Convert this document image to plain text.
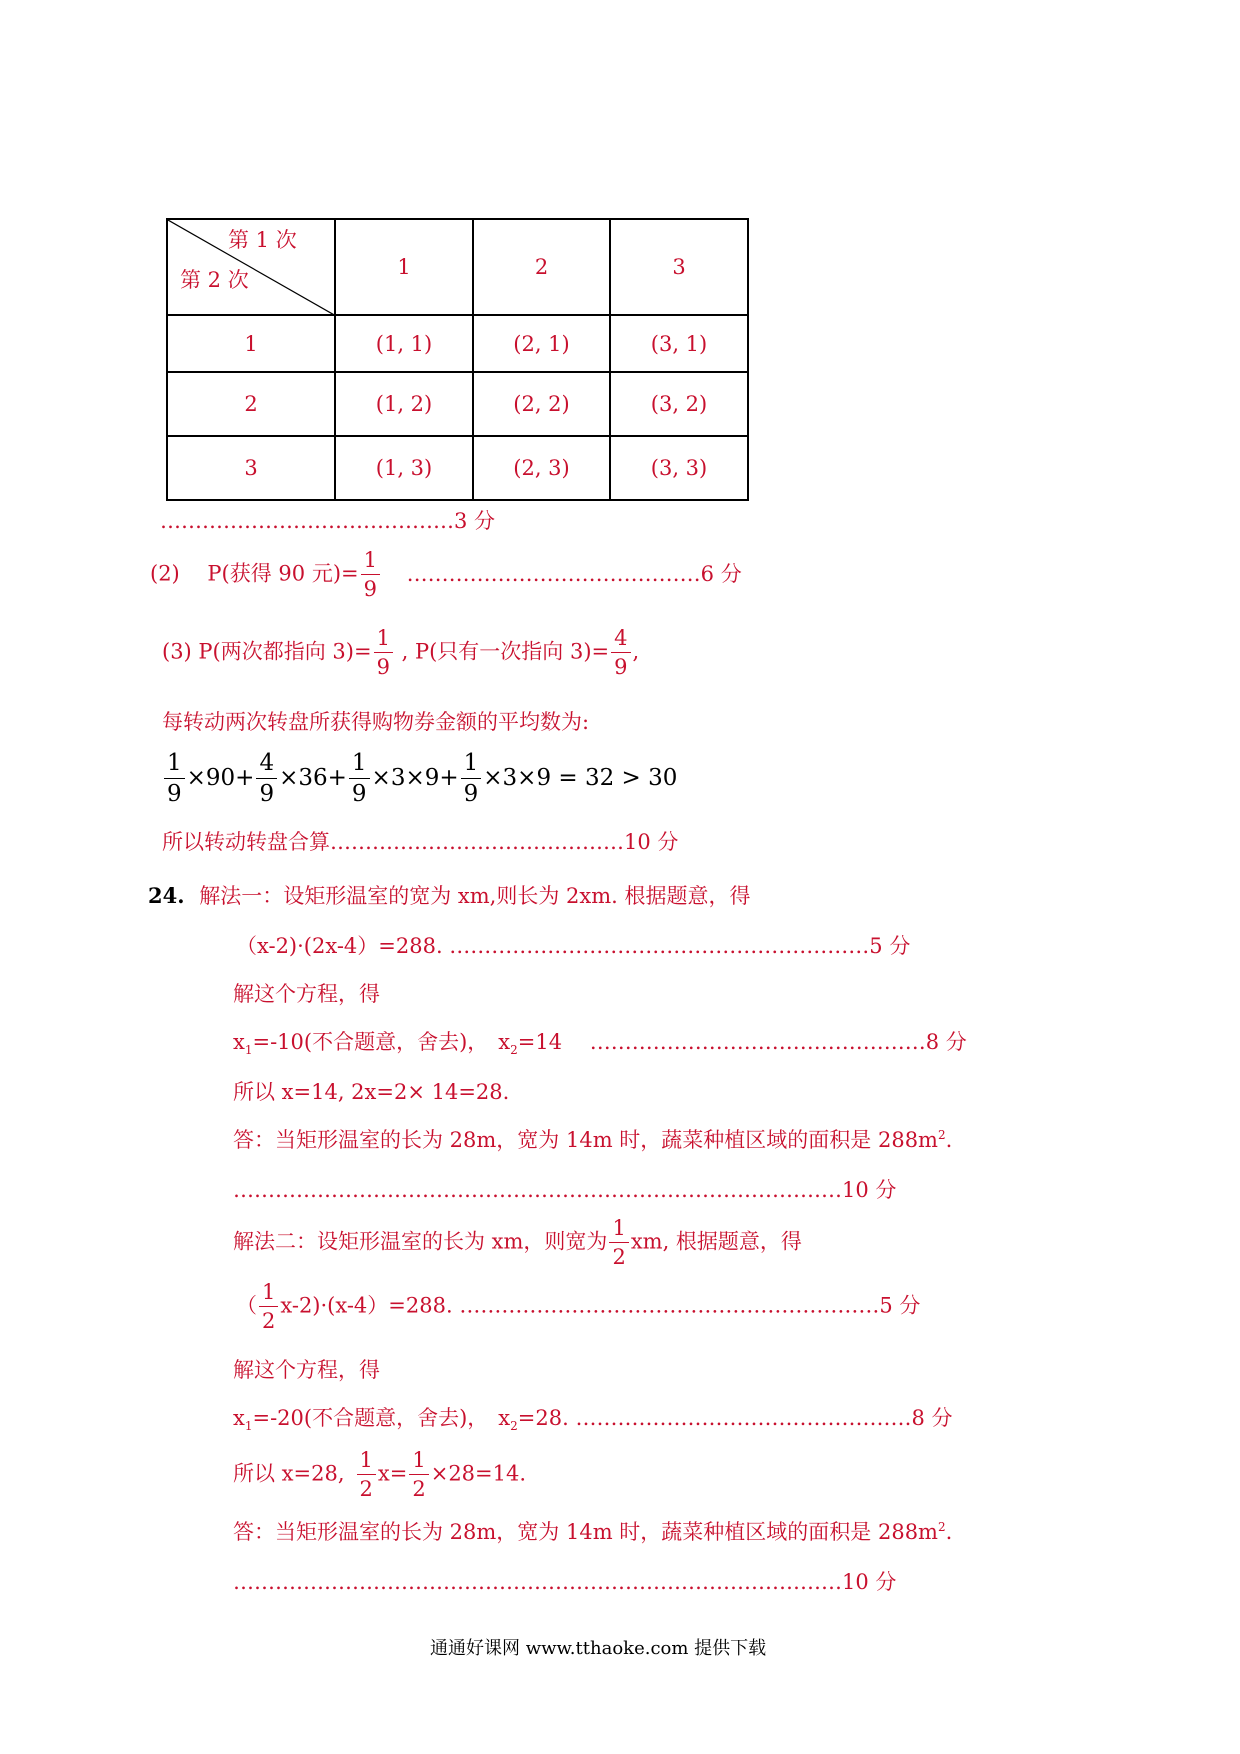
第 1 次
第 2 次	1	2	3
1	(1, 1)	(2, 1)	(3, 1)
2	(1, 2)	(2, 2)	(3, 2)
3	(1, 3)	(2, 3)	(3, 3)
……………………………………3 分
(2)　 P(获得 90 元)= $\frac{1}{9}$ ……………………………………6 分
(3) P(两次都指向 $3)= \frac{1}{9}$ , P(只有一次指向 $3)= \frac{4}{9}$ ,
每转动两次转盘所获得购物券金额的平均数为:
$\frac{1}{9} \times 90+ \frac{4}{9} \times 36+ \frac{1}{9} \times 3\times 9+ \frac{1}{9} \times 3\times 9 = 32 > 30$
所以转动转盘合算……………………………………10 分
24. 解法一：设矩形温室的宽为 xm,则长为 2xm. 根据题意，得
（x-2)·(2x-4）=288. ……………………………………………………5 分
解这个方程，得
$x_1=-10$(不合题意，舍去)， $x_2=14$　 …………………………………………8 分
所以 x=14, 2x=2× 14=28.
答：当矩形温室的长为 28m，宽为 14m 时，蔬菜种植区域的面积是 $288m^2$.
……………………………………………………………………………10 分
解法二：设矩形温室的长为 xm，则宽为 $\frac{1}{2}$ xm, 根据题意，得
（ $\frac{1}{2} x-2)\cdot(x-4)=288$. ……………………………………………………5 分
解这个方程，得
$x_1=-20$(不合题意，舍去)， $x_2=28$. …………………………………………8 分
所以 x=28, $\frac{1}{2} x= \frac{1}{2} \times 28=14$.
答：当矩形温室的长为 28m，宽为 14m 时，蔬菜种植区域的面积是 $288m^2$.
……………………………………………………………………………10 分
通通好课网 www.tthaoke.com 提供下载
